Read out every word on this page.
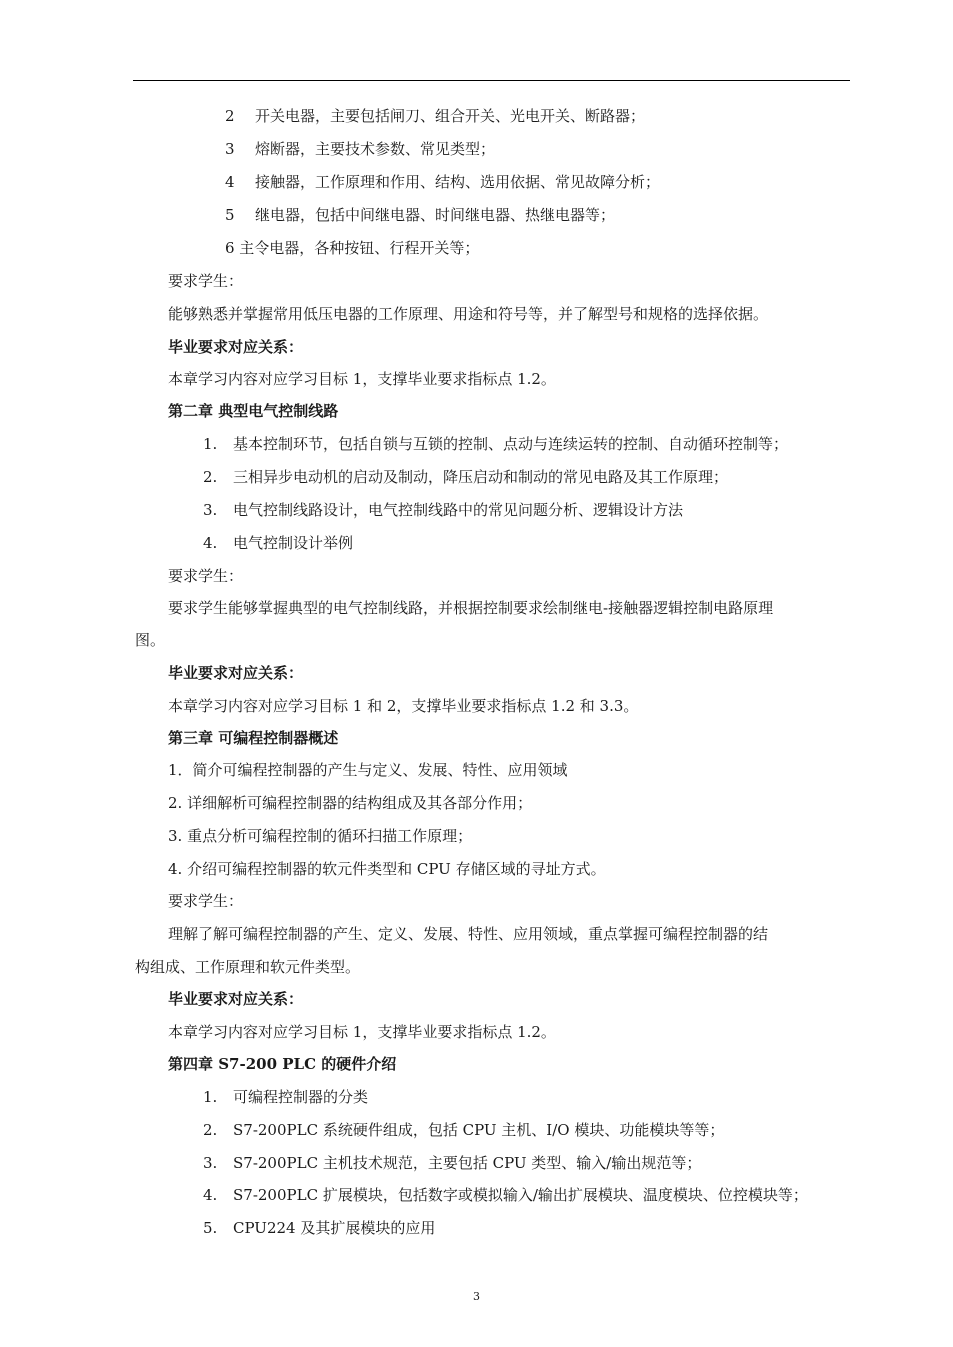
2 开关电器，主要包括闸刀、组合开关、光电开关、断路器；
3 熔断器，主要技术参数、常见类型；
4 接触器，工作原理和作用、结构、选用依据、常见故障分析；
5 继电器，包括中间继电器、时间继电器、热继电器等；
6 主令电器，各种按钮、行程开关等；
要求学生：
能够熟悉并掌握常用低压电器的工作原理、用途和符号等，并了解型号和规格的选择依据。
毕业要求对应关系：
本章学习内容对应学习目标 1，支撑毕业要求指标点 1.2。
第二章 典型电气控制线路
1. 基本控制环节，包括自锁与互锁的控制、点动与连续运转的控制、自动循环控制等；
2. 三相异步电动机的启动及制动，降压启动和制动的常见电路及其工作原理；
3. 电气控制线路设计，电气控制线路中的常见问题分析、逻辑设计方法
4. 电气控制设计举例
要求学生：
要求学生能够掌握典型的电气控制线路，并根据控制要求绘制继电-接触器逻辑控制电路原理
图。
毕业要求对应关系：
本章学习内容对应学习目标 1 和 2，支撑毕业要求指标点 1.2 和 3.3。
第三章 可编程控制器概述
1．简介可编程控制器的产生与定义、发展、特性、应用领域
2. 详细解析可编程控制器的结构组成及其各部分作用；
3. 重点分析可编程控制的循环扫描工作原理；
4. 介绍可编程控制器的软元件类型和 CPU 存储区域的寻址方式。
要求学生：
理解了解可编程控制器的产生、定义、发展、特性、应用领域，重点掌握可编程控制器的结
构组成、工作原理和软元件类型。
毕业要求对应关系：
本章学习内容对应学习目标 1，支撑毕业要求指标点 1.2。
第四章 S7-200 PLC 的硬件介绍
1. 可编程控制器的分类
2. S7-200PLC 系统硬件组成，包括 CPU 主机、I/O 模块、功能模块等等；
3. S7-200PLC 主机技术规范，主要包括 CPU 类型、输入/输出规范等；
4. S7-200PLC 扩展模块，包括数字或模拟输入/输出扩展模块、温度模块、位控模块等；
5. CPU224 及其扩展模块的应用
3
